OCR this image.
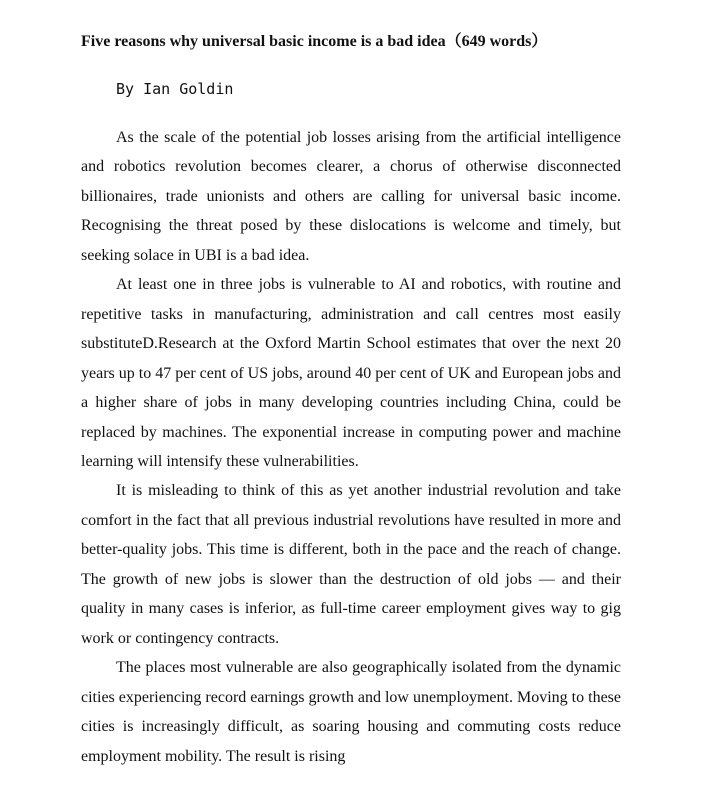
Five reasons why universal basic income is a bad idea（649 words）

By Ian Goldin

As the scale of the potential job losses arising from the artificial intelligence and robotics revolution becomes clearer, a chorus of otherwise disconnected billionaires, trade unionists and others are calling for universal basic income. Recognising the threat posed by these dislocations is welcome and timely, but seeking solace in UBI is a bad idea.

At least one in three jobs is vulnerable to AI and robotics, with routine and repetitive tasks in manufacturing, administration and call centres most easily substituteD.Research at the Oxford Martin School estimates that over the next 20 years up to 47 per cent of US jobs, around 40 per cent of UK and European jobs and a higher share of jobs in many developing countries including China, could be replaced by machines. The exponential increase in computing power and machine learning will intensify these vulnerabilities.

It is misleading to think of this as yet another industrial revolution and take comfort in the fact that all previous industrial revolutions have resulted in more and better-quality jobs. This time is different, both in the pace and the reach of change. The growth of new jobs is slower than the destruction of old jobs — and their quality in many cases is inferior, as full-time career employment gives way to gig work or contingency contracts.

The places most vulnerable are also geographically isolated from the dynamic cities experiencing record earnings growth and low unemployment. Moving to these cities is increasingly difficult, as soaring housing and commuting costs reduce employment mobility. The result is rising
